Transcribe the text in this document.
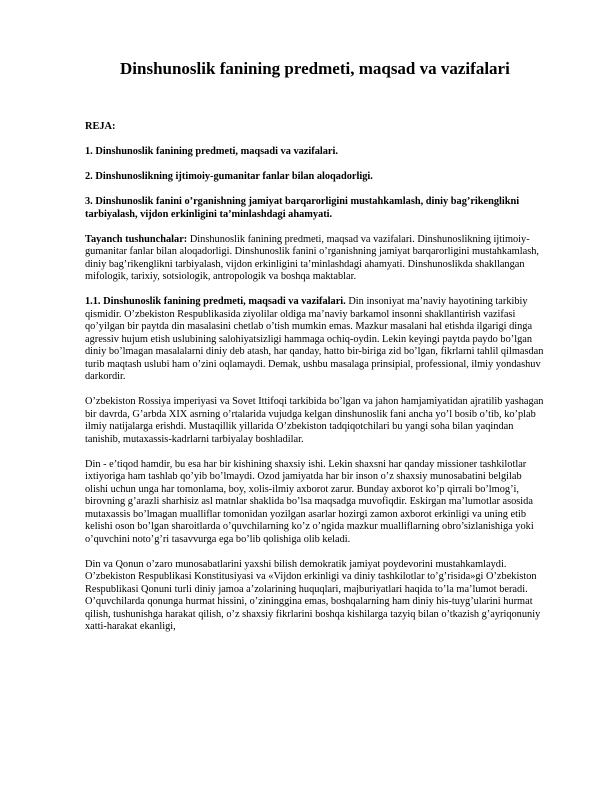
Dinshunoslik fanining predmeti, maqsad va vazifalari

REJA:

1. Dinshunoslik fanining predmeti, maqsadi va vazifalari.

2. Dinshunoslikning ijtimoiy-gumanitar fanlar bilan aloqadorligi.

3. Dinshunoslik fanini o’rganishning jamiyat barqarorligini mustahkamlash, diniy bag’rikenglikni tarbiyalash, vijdon erkinligini ta’minlashdagi ahamyati.

Tayanch tushunchalar: Dinshunoslik fanining predmeti, maqsad va vazifalari. Dinshunoslikning ijtimoiy-gumanitar fanlar bilan aloqadorligi. Dinshunoslik fanini o’rganishning jamiyat barqarorligini mustahkamlash, diniy bag’rikenglikni tarbiyalash, vijdon erkinligini ta’minlashdagi ahamyati. Dinshunoslikda shakllangan mifologik, tarixiy, sotsiologik, antropologik va boshqa maktablar.

1.1. Dinshunoslik fanining predmeti, maqsadi va vazifalari. Din insoniyat ma’naviy hayotining tarkibiy qismidir. O’zbekiston Respublikasida ziyolilar oldiga ma’naviy barkamol insonni shakllantirish vazifasi qo’yilgan bir paytda din masalasini chetlab o’tish mumkin emas. Mazkur masalani hal etishda ilgarigi dinga agressiv hujum etish uslubining salohiyatsizligi hammaga ochiq-oydin. Lekin keyingi paytda paydo bo’lgan diniy bo’lmagan masalalarni diniy deb atash, har qanday, hatto bir-biriga zid bo’lgan, fikrlarni tahlil qilmasdan turib maqtash uslubi ham o’zini oqlamaydi. Demak, ushbu masalaga prinsipial, professional, ilmiy yondashuv darkordir.

O’zbekiston Rossiya imperiyasi va Sovet Ittifoqi tarkibida bo’lgan va jahon hamjamiyatidan ajratilib yashagan bir davrda, G’arbda XIX asrning o’rtalarida vujudga kelgan dinshunoslik fani ancha yo’l bosib o’tib, ko’plab ilmiy natijalarga erishdi. Mustaqillik yillarida O’zbekiston tadqiqotchilari bu yangi soha bilan yaqindan tanishib, mutaxassis-kadrlarni tarbiyalay boshladilar.

Din - e’tiqod hamdir, bu esa har bir kishining shaxsiy ishi. Lekin shaxsni har qanday missioner tashkilotlar ixtiyoriga ham tashlab qo’yib bo’lmaydi. Ozod jamiyatda har bir inson o’z shaxsiy munosabatini belgilab olishi uchun unga har tomonlama, boy, xolis-ilmiy axborot zarur. Bunday axborot ko’p qirrali bo’lmog’i, birovning g’arazli sharhisiz asl matnlar shaklida bo’lsa maqsadga muvofiqdir. Eskirgan ma’lumotlar asosida mutaxassis bo’lmagan mualliflar tomonidan yozilgan asarlar hozirgi zamon axborot erkinligi va uning etib kelishi oson bo’lgan sharoitlarda o’quvchilarning ko’z o’ngida mazkur mualliflarning obro’sizlanishiga yoki o’quvchini noto’g’ri tasavvurga ega bo’lib qolishiga olib keladi.

Din va Qonun o’zaro munosabatlarini yaxshi bilish demokratik jamiyat poydevorini mustahkamlaydi. O’zbekiston Respublikasi Konstitusiyasi va «Vijdon erkinligi va diniy tashkilotlar to’g’risida»gi O’zbekiston Respublikasi Qonuni turli diniy jamoa a’zolarining huquqlari, majburiyatlari haqida to’la ma’lumot beradi. O’quvchilarda qonunga hurmat hissini, o’zininggina emas, boshqalarning ham diniy his-tuyg’ularini hurmat qilish, tushunishga harakat qilish, o’z shaxsiy fikrlarini boshqa kishilarga tazyiq bilan o’tkazish g’ayriqonuniy xatti-harakat ekanligi,
